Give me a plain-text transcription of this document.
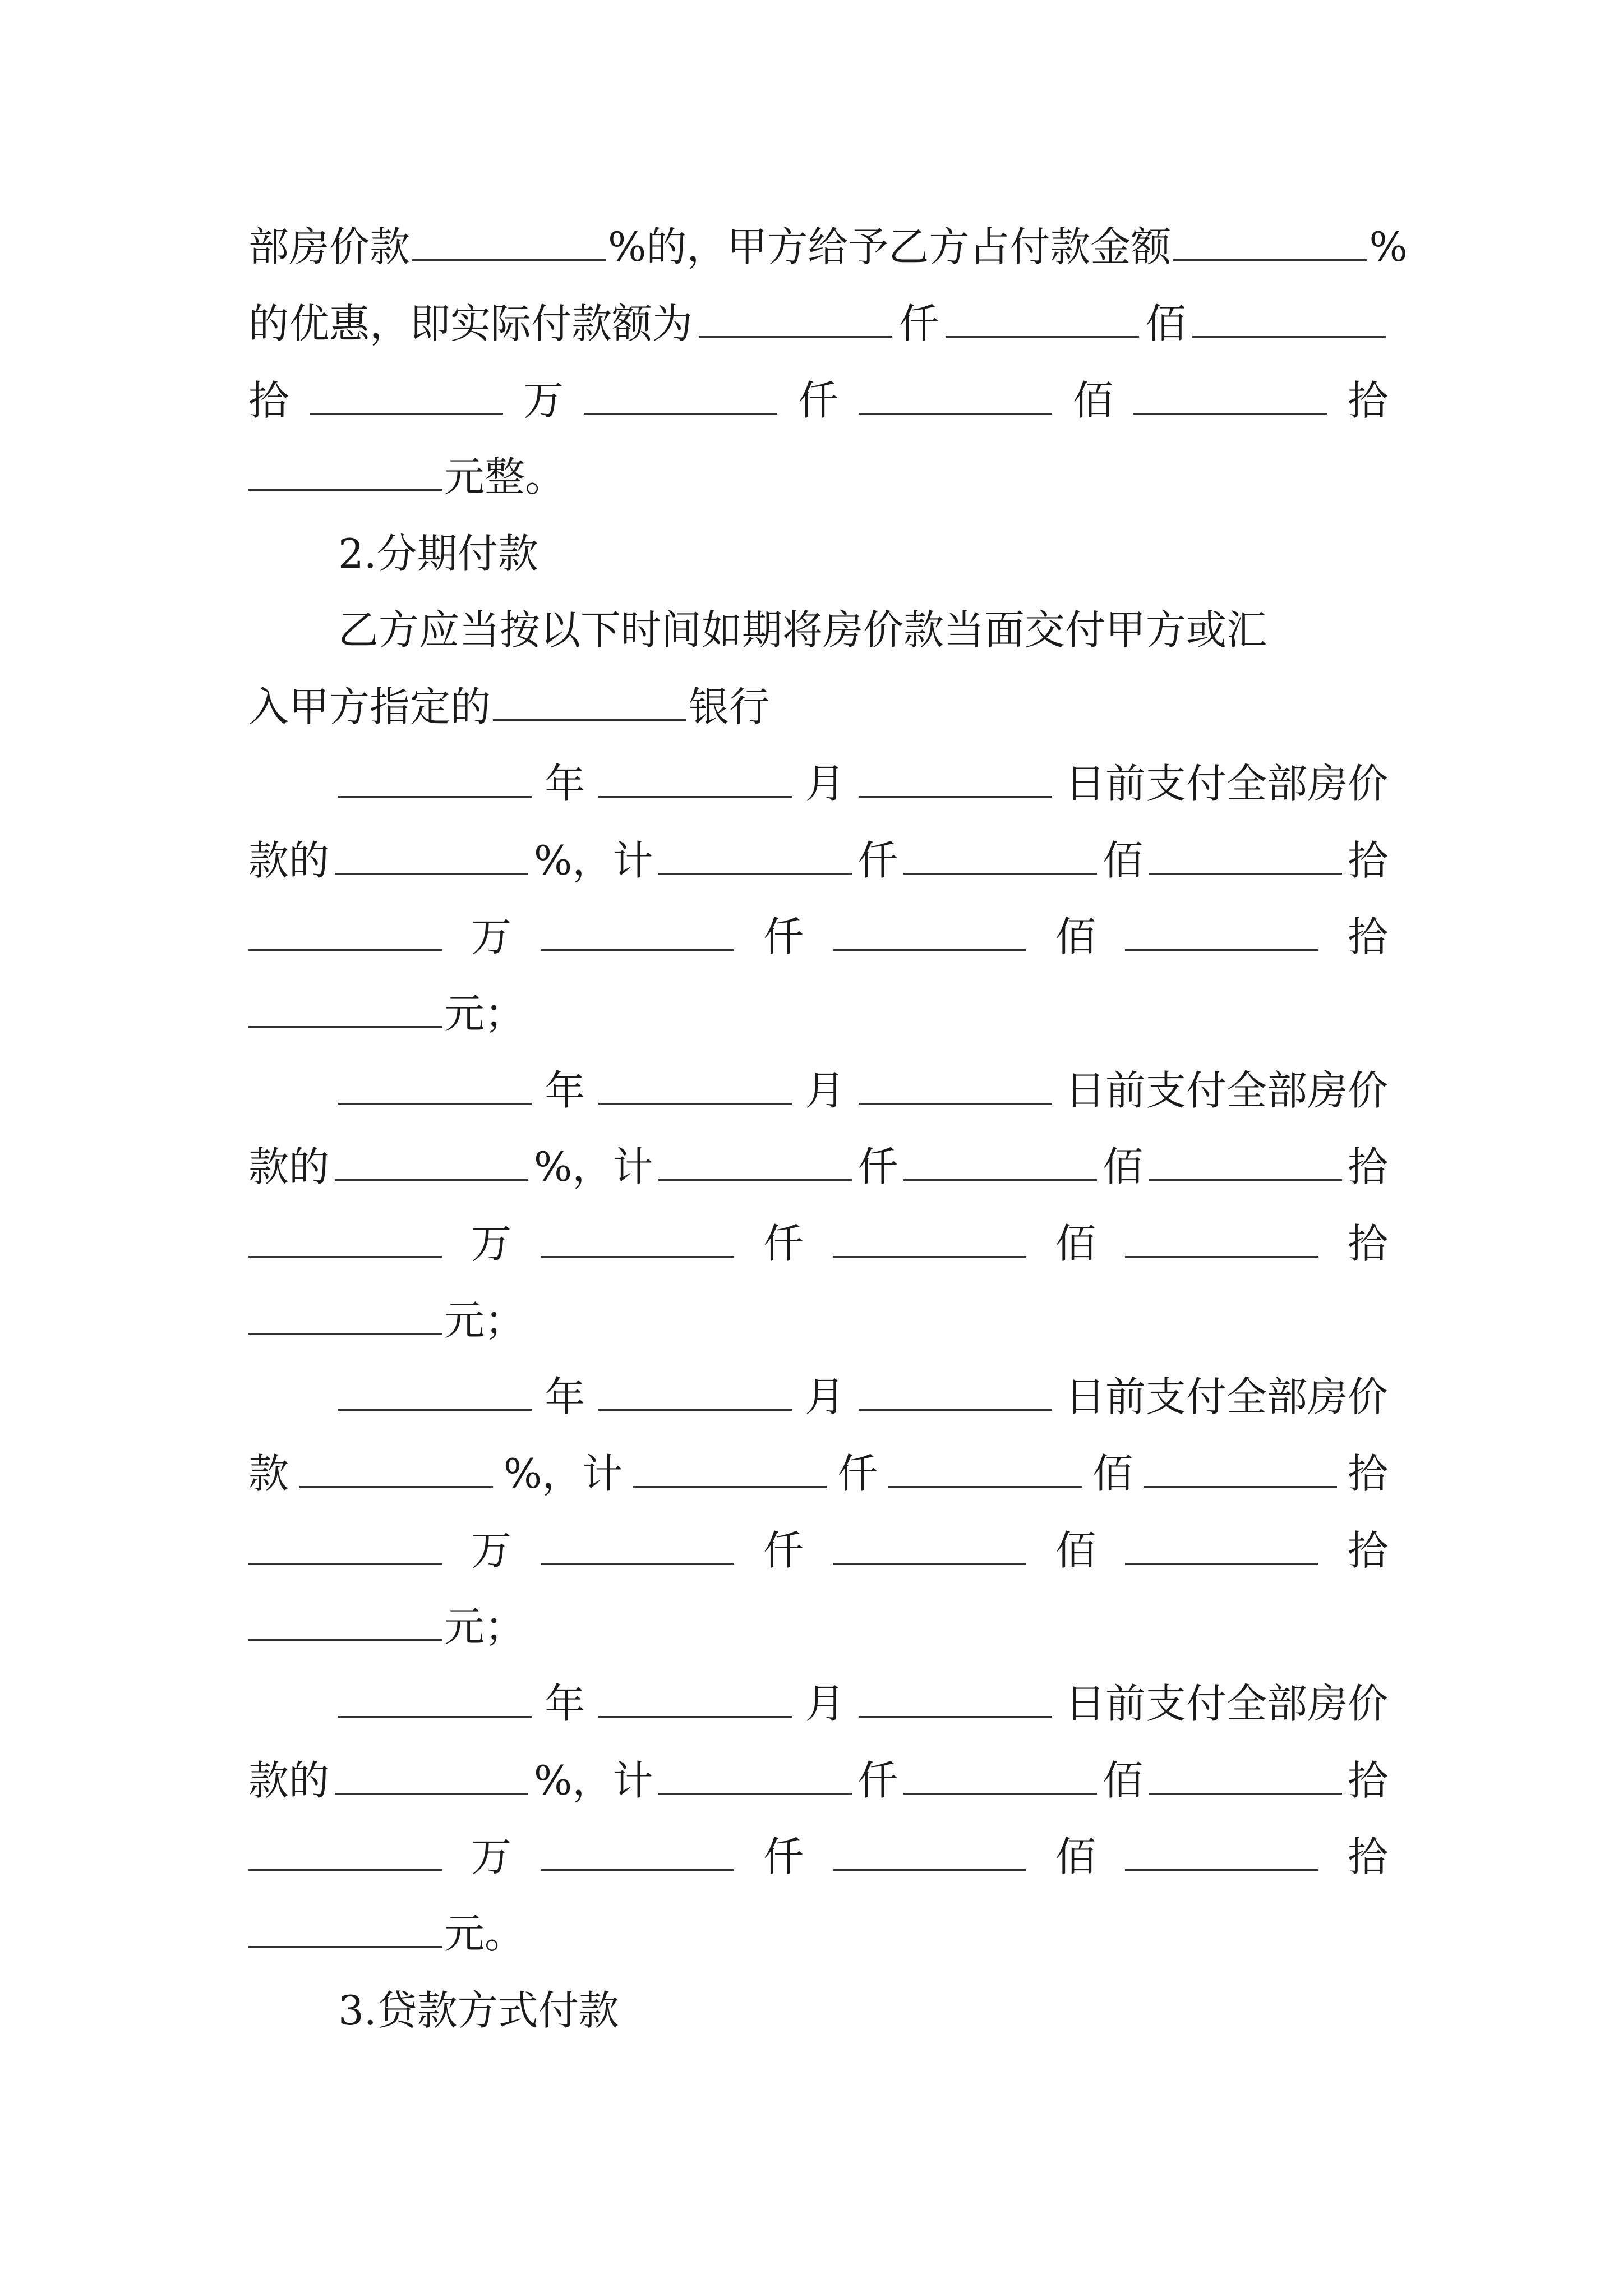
部房价款	%的，甲方给予乙方占付款金额	%
的优惠，即实际付款额为	仟	佰
拾	万	仟	佰	拾
元整。
2.分期付款
乙方应当按以下时间如期将房价款当面交付甲方或汇
入甲方指定的	银行
年	月	日前支付全部房价
款的	%，计	仟	佰	拾
万	仟	佰	拾
元；
年	月	日前支付全部房价
款的	%，计	仟	佰	拾
万	仟	佰	拾
元；
年	月	日前支付全部房价
款	%，计	仟	佰	拾
万	仟	佰	拾
元；
年	月	日前支付全部房价
款的	%，计	仟	佰	拾
万	仟	佰	拾
元。
3.贷款方式付款
